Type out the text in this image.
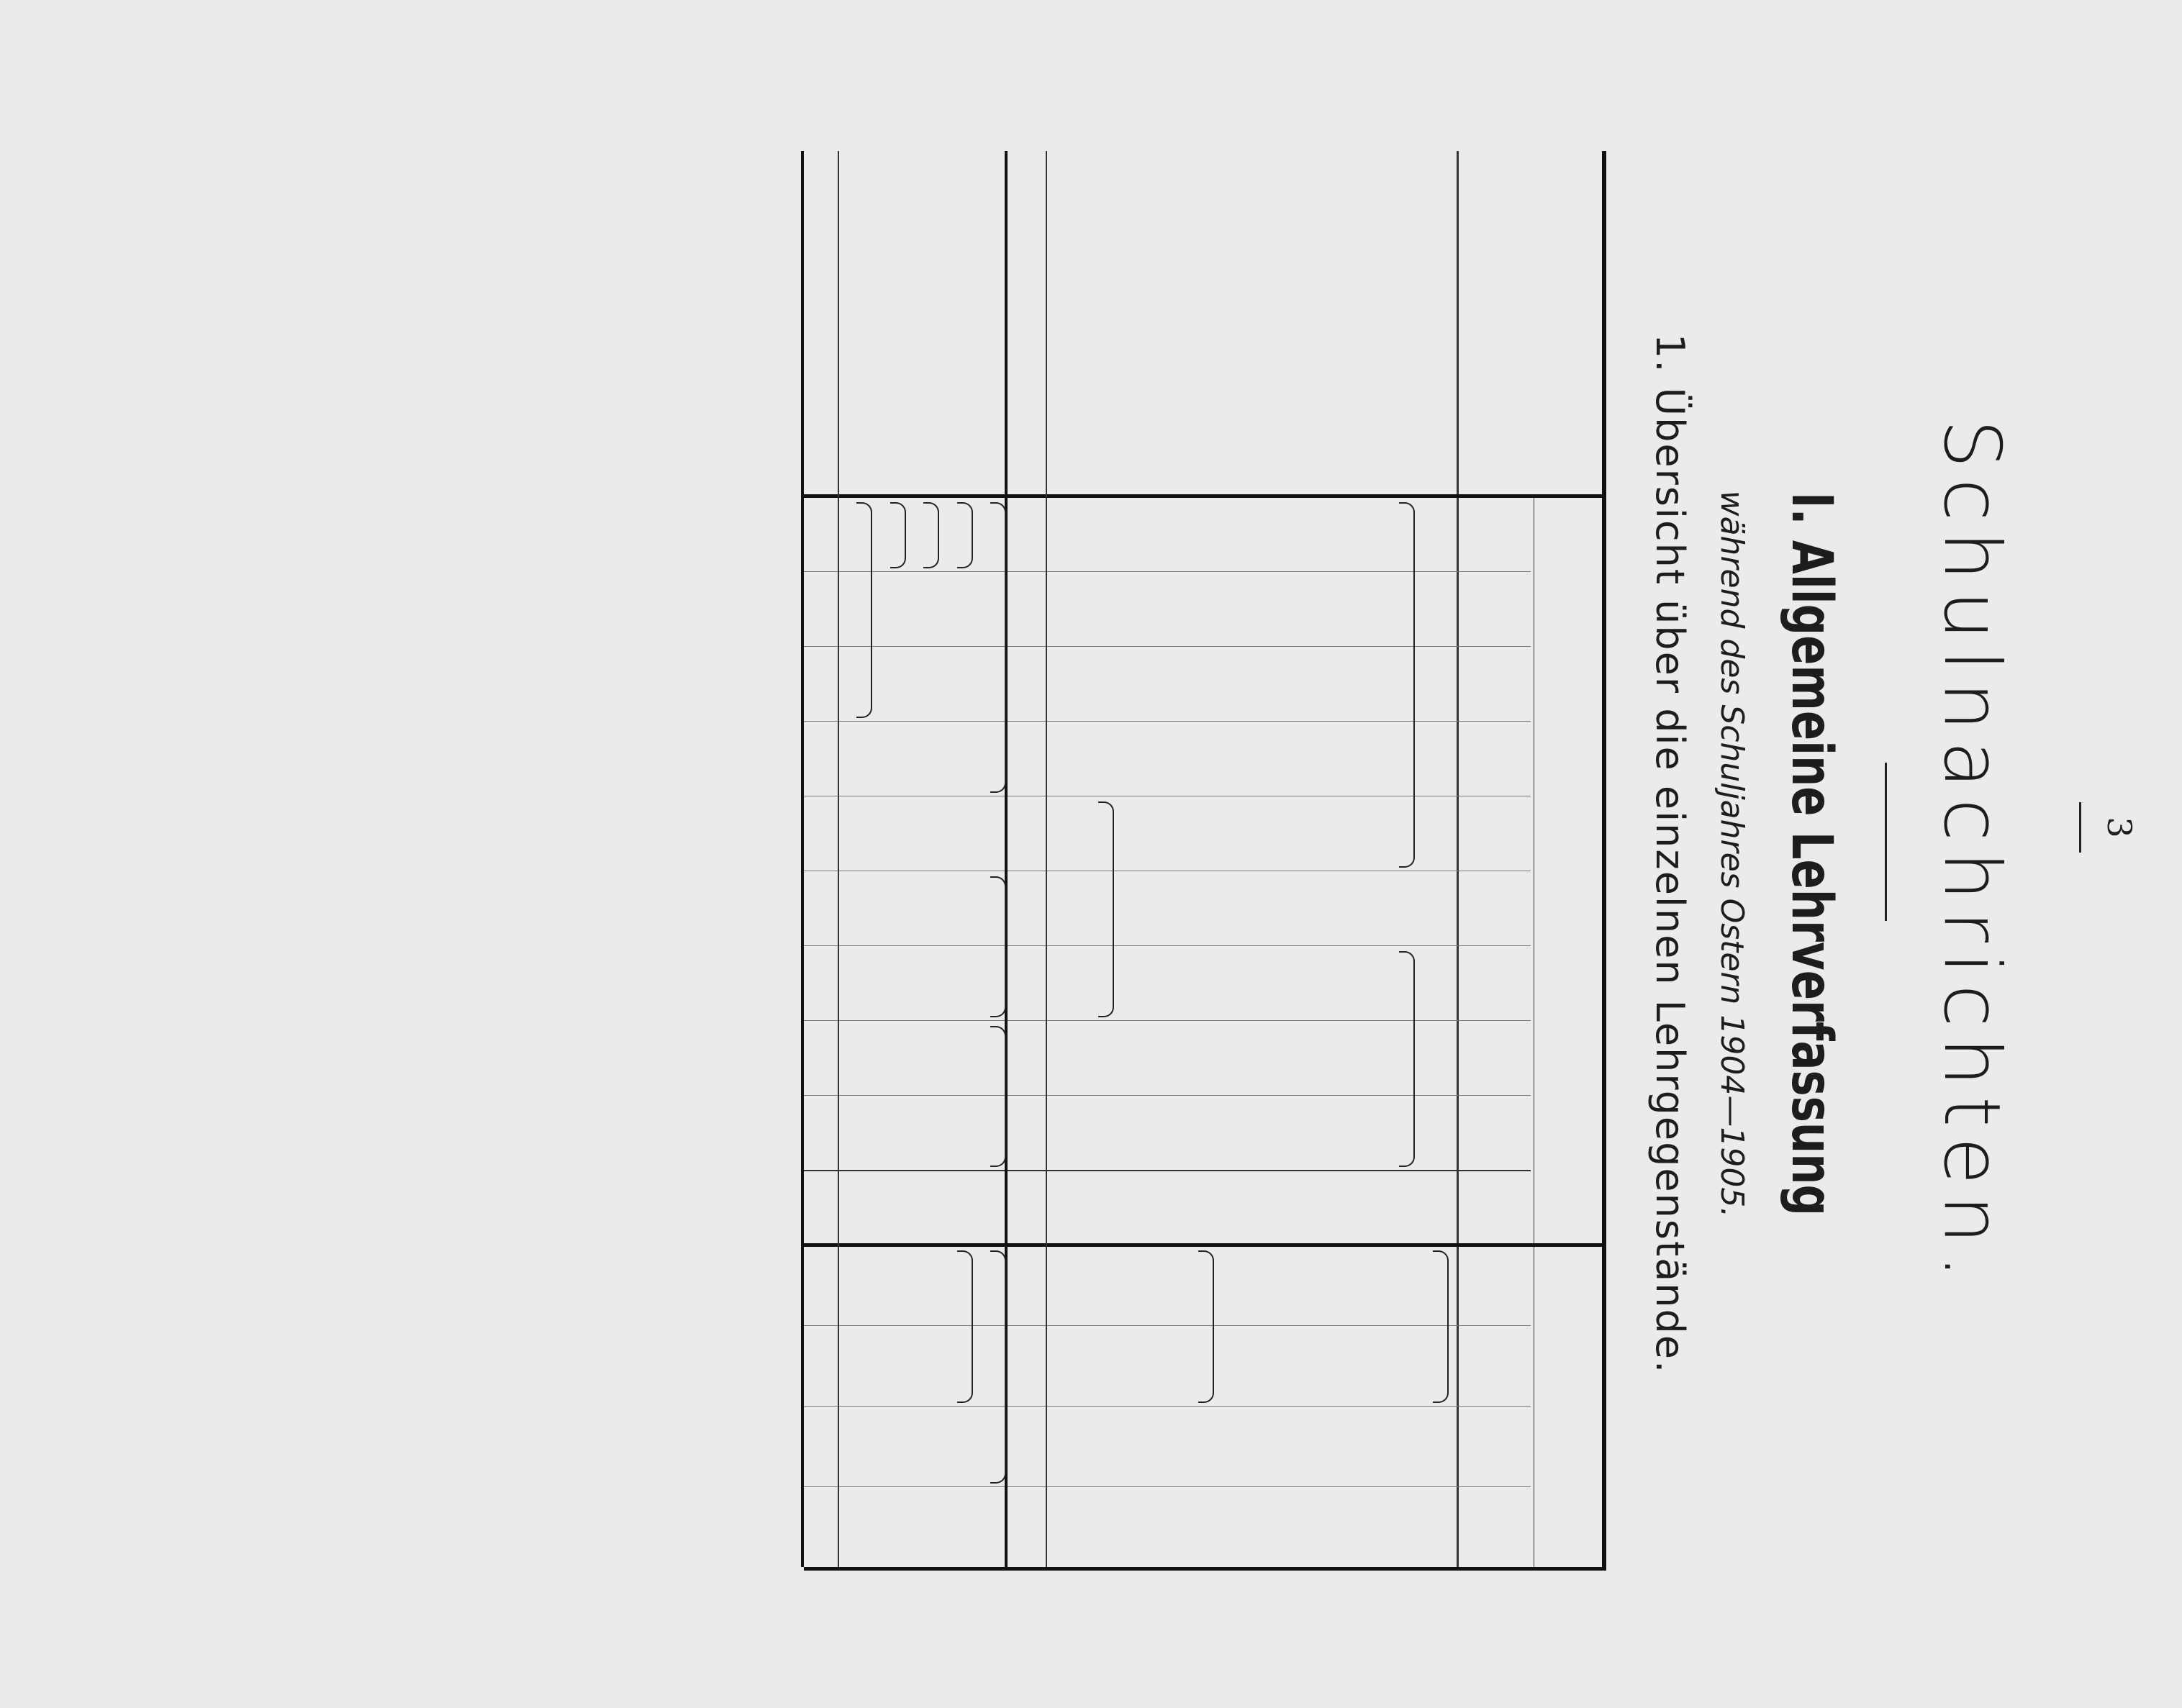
3
Schulnachrichten.
I. Allgemeine Lehrverfassung
während des Schuljahres Ostern 1904—1905.
1. Übersicht über die einzelnen Lehrgegenstände.
